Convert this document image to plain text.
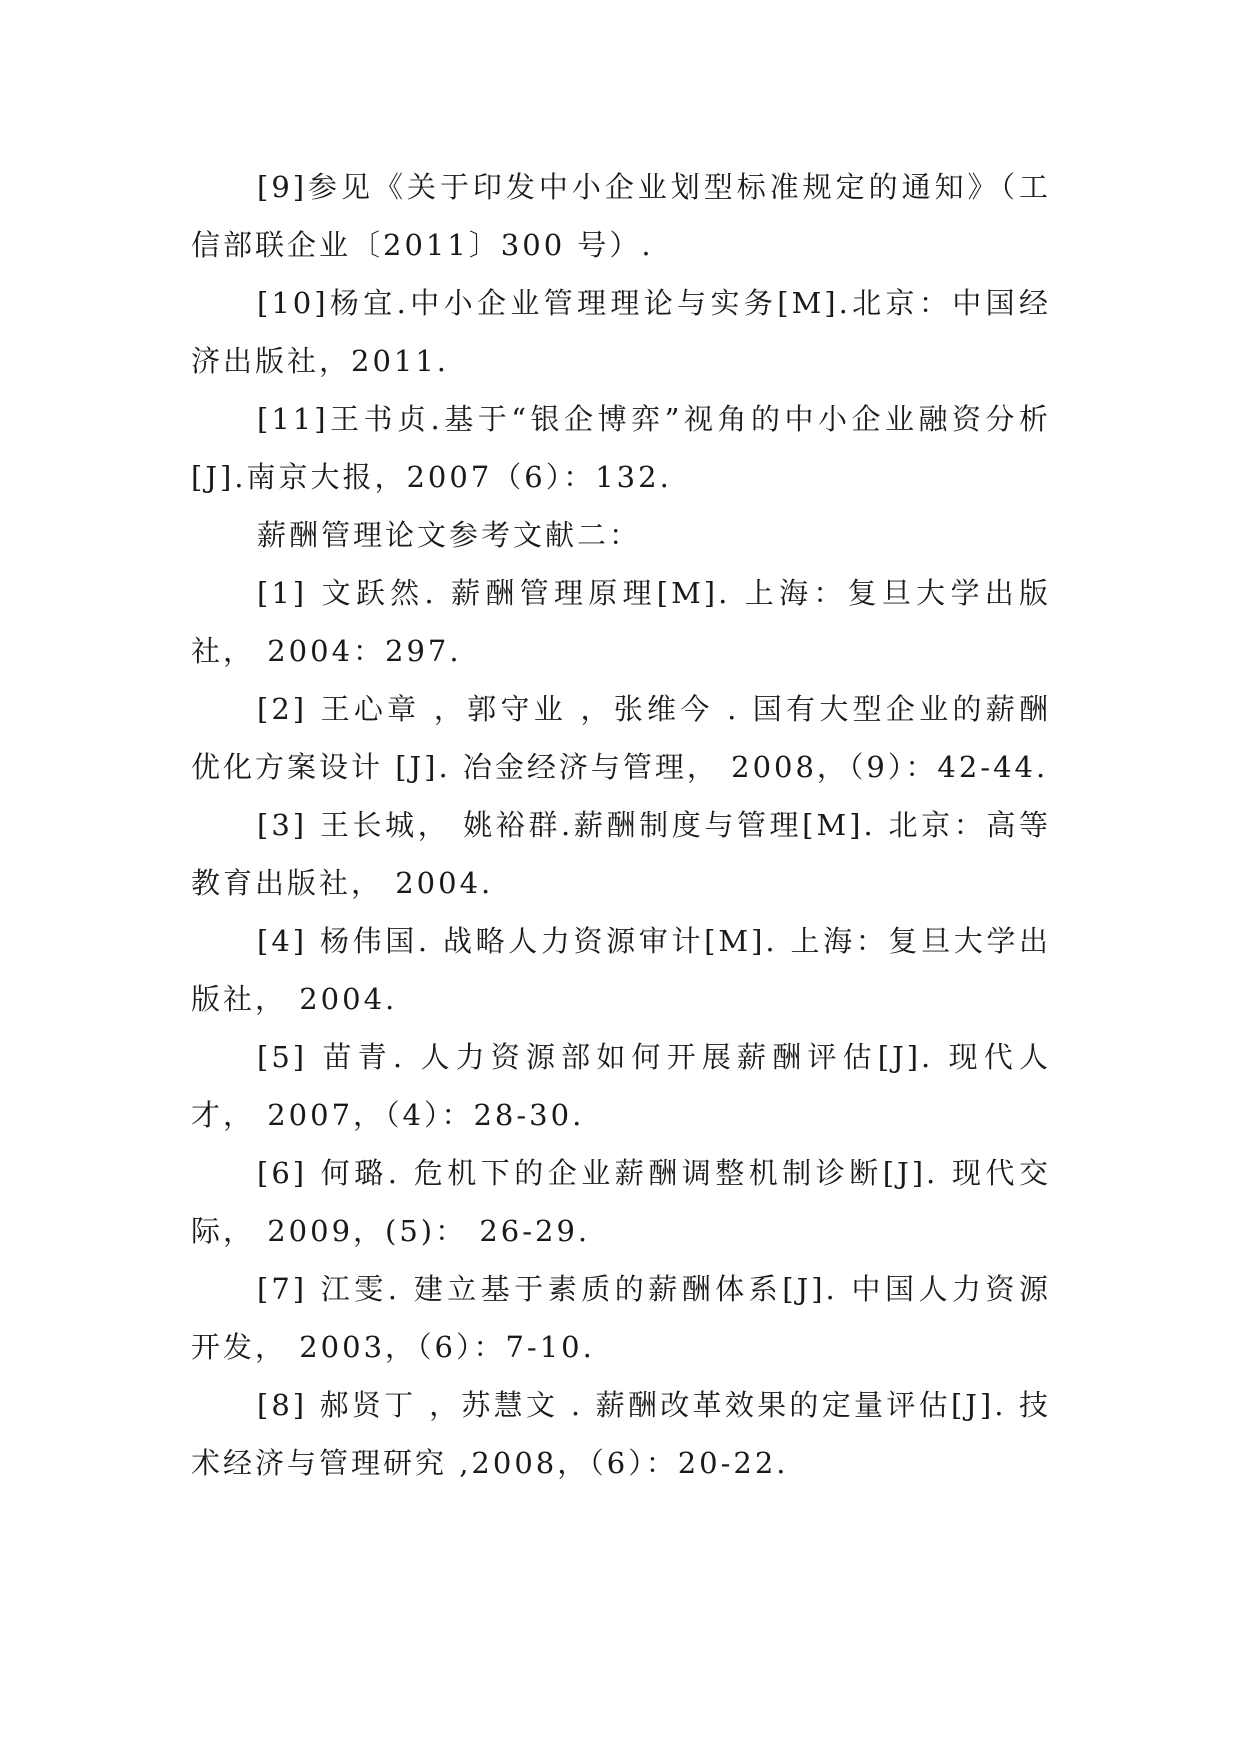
[9]参见《关于印发中小企业划型标准规定的通知》（工信部联企业〔2011〕300 号）.

[10]杨宜.中小企业管理理论与实务[M].北京：中国经济出版社，2011.

[11]王书贞.基于“银企博弈”视角的中小企业融资分析[J].南京大报，2007（6）：132.

薪酬管理论文参考文献二：

[1] 文跃然. 薪酬管理原理[M]. 上海：复旦大学出版社， 2004：297.

[2] 王心章 ，郭守业 ，张维今 . 国有大型企业的薪酬优化方案设计 [J]. 冶金经济与管理， 2008，（9）：42-44.

[3] 王长城， 姚裕群.薪酬制度与管理[M]. 北京：高等教育出版社， 2004.

[4] 杨伟国. 战略人力资源审计[M]. 上海：复旦大学出版社， 2004.

[5] 苗青. 人力资源部如何开展薪酬评估[J]. 现代人才， 2007，（4）：28-30.

[6] 何璐. 危机下的企业薪酬调整机制诊断[J]. 现代交际， 2009，(5)： 26-29.

[7] 江雯. 建立基于素质的薪酬体系[J]. 中国人力资源开发， 2003，（6）：7-10.

[8] 郝贤丁 ，苏慧文 . 薪酬改革效果的定量评估[J]. 技术经济与管理研究 ,2008，（6）：20-22.
